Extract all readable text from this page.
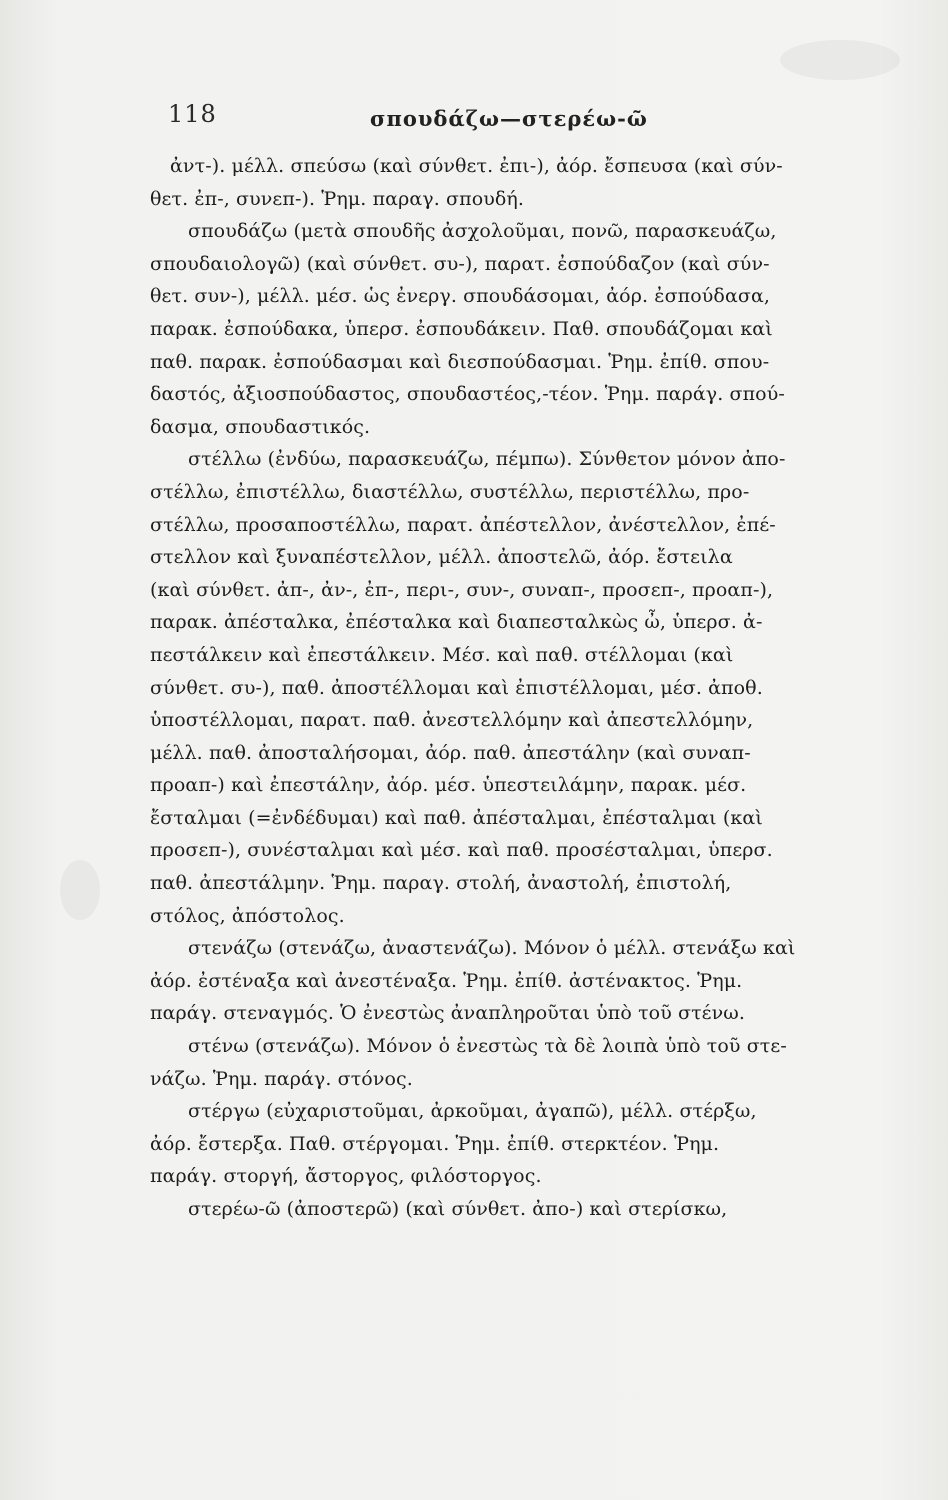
118	σπουδάζω—στερέω-ῶ
ἀντ-). μέλλ. σπεύσω (καὶ σύνθετ. ἐπι-), ἀόρ. ἔσπευσα (καὶ σύν-
θετ. ἐπ-, συνεπ-). Ῥημ. παραγ. σπουδή.
σπουδάζω (μετὰ σπουδῆς ἀσχολοῦμαι, πονῶ, παρασκευάζω,
σπουδαιολογῶ) (καὶ σύνθετ. συ-), παρατ. ἐσπούδαζον (καὶ σύν-
θετ. συν-), μέλλ. μέσ. ὡς ἐνεργ. σπουδάσομαι, ἀόρ. ἐσπούδασα,
παρακ. ἐσπούδακα, ὑπερσ. ἐσπουδάκειν. Παθ. σπουδάζομαι καὶ
παθ. παρακ. ἐσπούδασμαι καὶ διεσπούδασμαι. Ῥημ. ἐπίθ. σπου-
δαστός, ἀξιοσπούδαστος, σπουδαστέος,-τέον. Ῥημ. παράγ. σπού-
δασμα, σπουδαστικός.
στέλλω (ἐνδύω, παρασκευάζω, πέμπω). Σύνθετον μόνον ἀπο-
στέλλω, ἐπιστέλλω, διαστέλλω, συστέλλω, περιστέλλω, προ-
στέλλω, προσαποστέλλω, παρατ. ἀπέστελλον, ἀνέστελλον, ἐπέ-
στελλον καὶ ξυναπέστελλον, μέλλ. ἀποστελῶ, ἀόρ. ἔστειλα
(καὶ σύνθετ. ἀπ-, ἀν-, ἐπ-, περι-, συν-, συναπ-, προσεπ-, προαπ-),
παρακ. ἀπέσταλκα, ἐπέσταλκα καὶ διαπεσταλκὼς ὦ, ὑπερσ. ἀ-
πεστάλκειν καὶ ἐπεστάλκειν. Μέσ. καὶ παθ. στέλλομαι (καὶ
σύνθετ. συ-), παθ. ἀποστέλλομαι καὶ ἐπιστέλλομαι, μέσ. ἀποθ.
ὑποστέλλομαι, παρατ. παθ. ἀνεστελλόμην καὶ ἀπεστελλόμην,
μέλλ. παθ. ἀποσταλήσομαι, ἀόρ. παθ. ἀπεστάλην (καὶ συναπ-
προαπ-) καὶ ἐπεστάλην, ἀόρ. μέσ. ὑπεστειλάμην, παρακ. μέσ.
ἔσταλμαι (=ἐνδέδυμαι) καὶ παθ. ἀπέσταλμαι, ἐπέσταλμαι (καὶ
προσεπ-), συνέσταλμαι καὶ μέσ. καὶ παθ. προσέσταλμαι, ὑπερσ.
παθ. ἀπεστάλμην. Ῥημ. παραγ. στολή, ἀναστολή, ἐπιστολή,
στόλος, ἀπόστολος.
στενάζω (στενάζω, ἀναστενάζω). Μόνον ὁ μέλλ. στενάξω καὶ
ἀόρ. ἐστέναξα καὶ ἀνεστέναξα. Ῥημ. ἐπίθ. ἀστένακτος. Ῥημ.
παράγ. στεναγμός. Ὁ ἐνεστὼς ἀναπληροῦται ὑπὸ τοῦ στένω.
στένω (στενάζω). Μόνον ὁ ἐνεστὼς τὰ δὲ λοιπὰ ὑπὸ τοῦ στε-
νάζω. Ῥημ. παράγ. στόνος.
στέργω (εὐχαριστοῦμαι, ἀρκοῦμαι, ἀγαπῶ), μέλλ. στέρξω,
ἀόρ. ἔστερξα. Παθ. στέργομαι. Ῥημ. ἐπίθ. στερκτέον. Ῥημ.
παράγ. στοργή, ἄστοργος, φιλόστοργος.
στερέω-ῶ (ἀποστερῶ) (καὶ σύνθετ. ἀπο-) καὶ στερίσκω,
